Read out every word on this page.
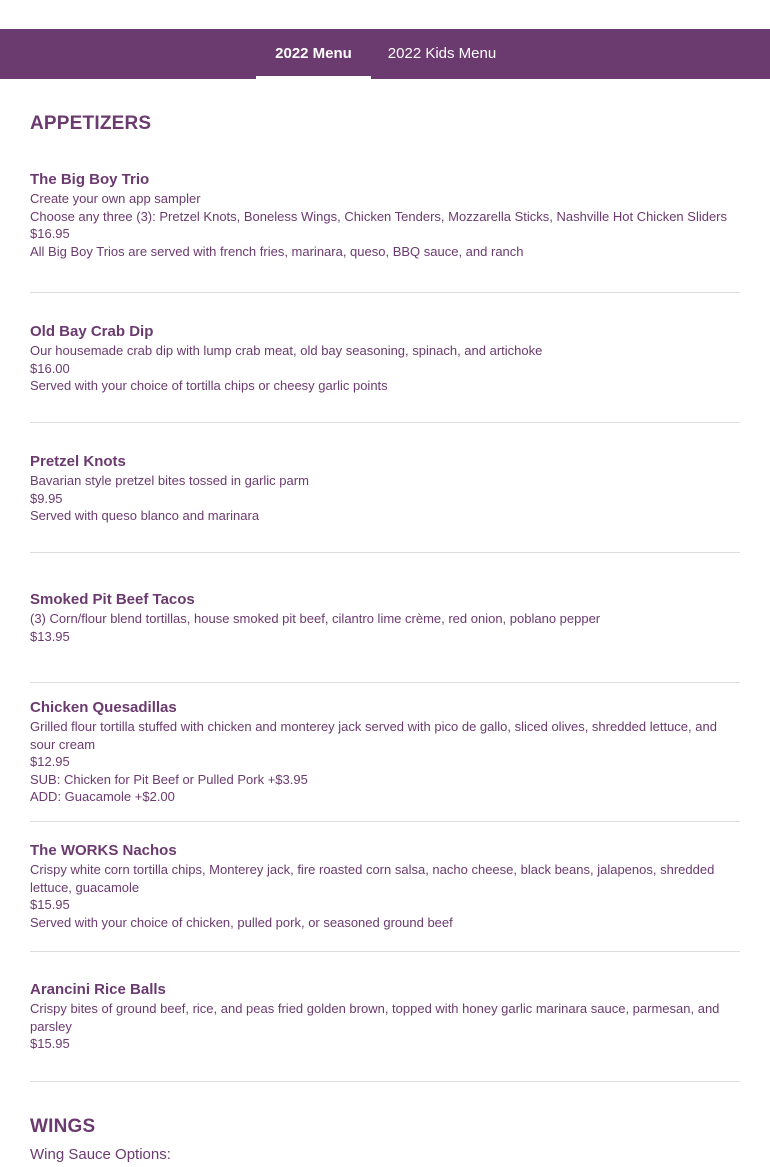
2022 Menu	2022 Kids Menu
APPETIZERS
The Big Boy Trio
Create your own app sampler
Choose any three (3): Pretzel Knots, Boneless Wings, Chicken Tenders, Mozzarella Sticks, Nashville Hot Chicken Sliders
$16.95
All Big Boy Trios are served with french fries, marinara, queso, BBQ sauce, and ranch
Old Bay Crab Dip
Our housemade crab dip with lump crab meat, old bay seasoning, spinach, and artichoke
$16.00
Served with your choice of tortilla chips or cheesy garlic points
Pretzel Knots
Bavarian style pretzel bites tossed in garlic parm
$9.95
Served with queso blanco and marinara
Smoked Pit Beef Tacos
(3) Corn/flour blend tortillas, house smoked pit beef, cilantro lime crème, red onion, poblano pepper
$13.95
Chicken Quesadillas
Grilled flour tortilla stuffed with chicken and monterey jack served with pico de gallo, sliced olives, shredded lettuce, and sour cream
$12.95
SUB: Chicken for Pit Beef or Pulled Pork +$3.95
ADD: Guacamole +$2.00
The WORKS Nachos
Crispy white corn tortilla chips, Monterey jack, fire roasted corn salsa, nacho cheese, black beans, jalapenos, shredded lettuce, guacamole
$15.95
Served with your choice of chicken, pulled pork, or seasoned ground beef
Arancini Rice Balls
Crispy bites of ground beef, rice, and peas fried golden brown, topped with honey garlic marinara sauce, parmesan, and parsley
$15.95
WINGS
Wing Sauce Options:
